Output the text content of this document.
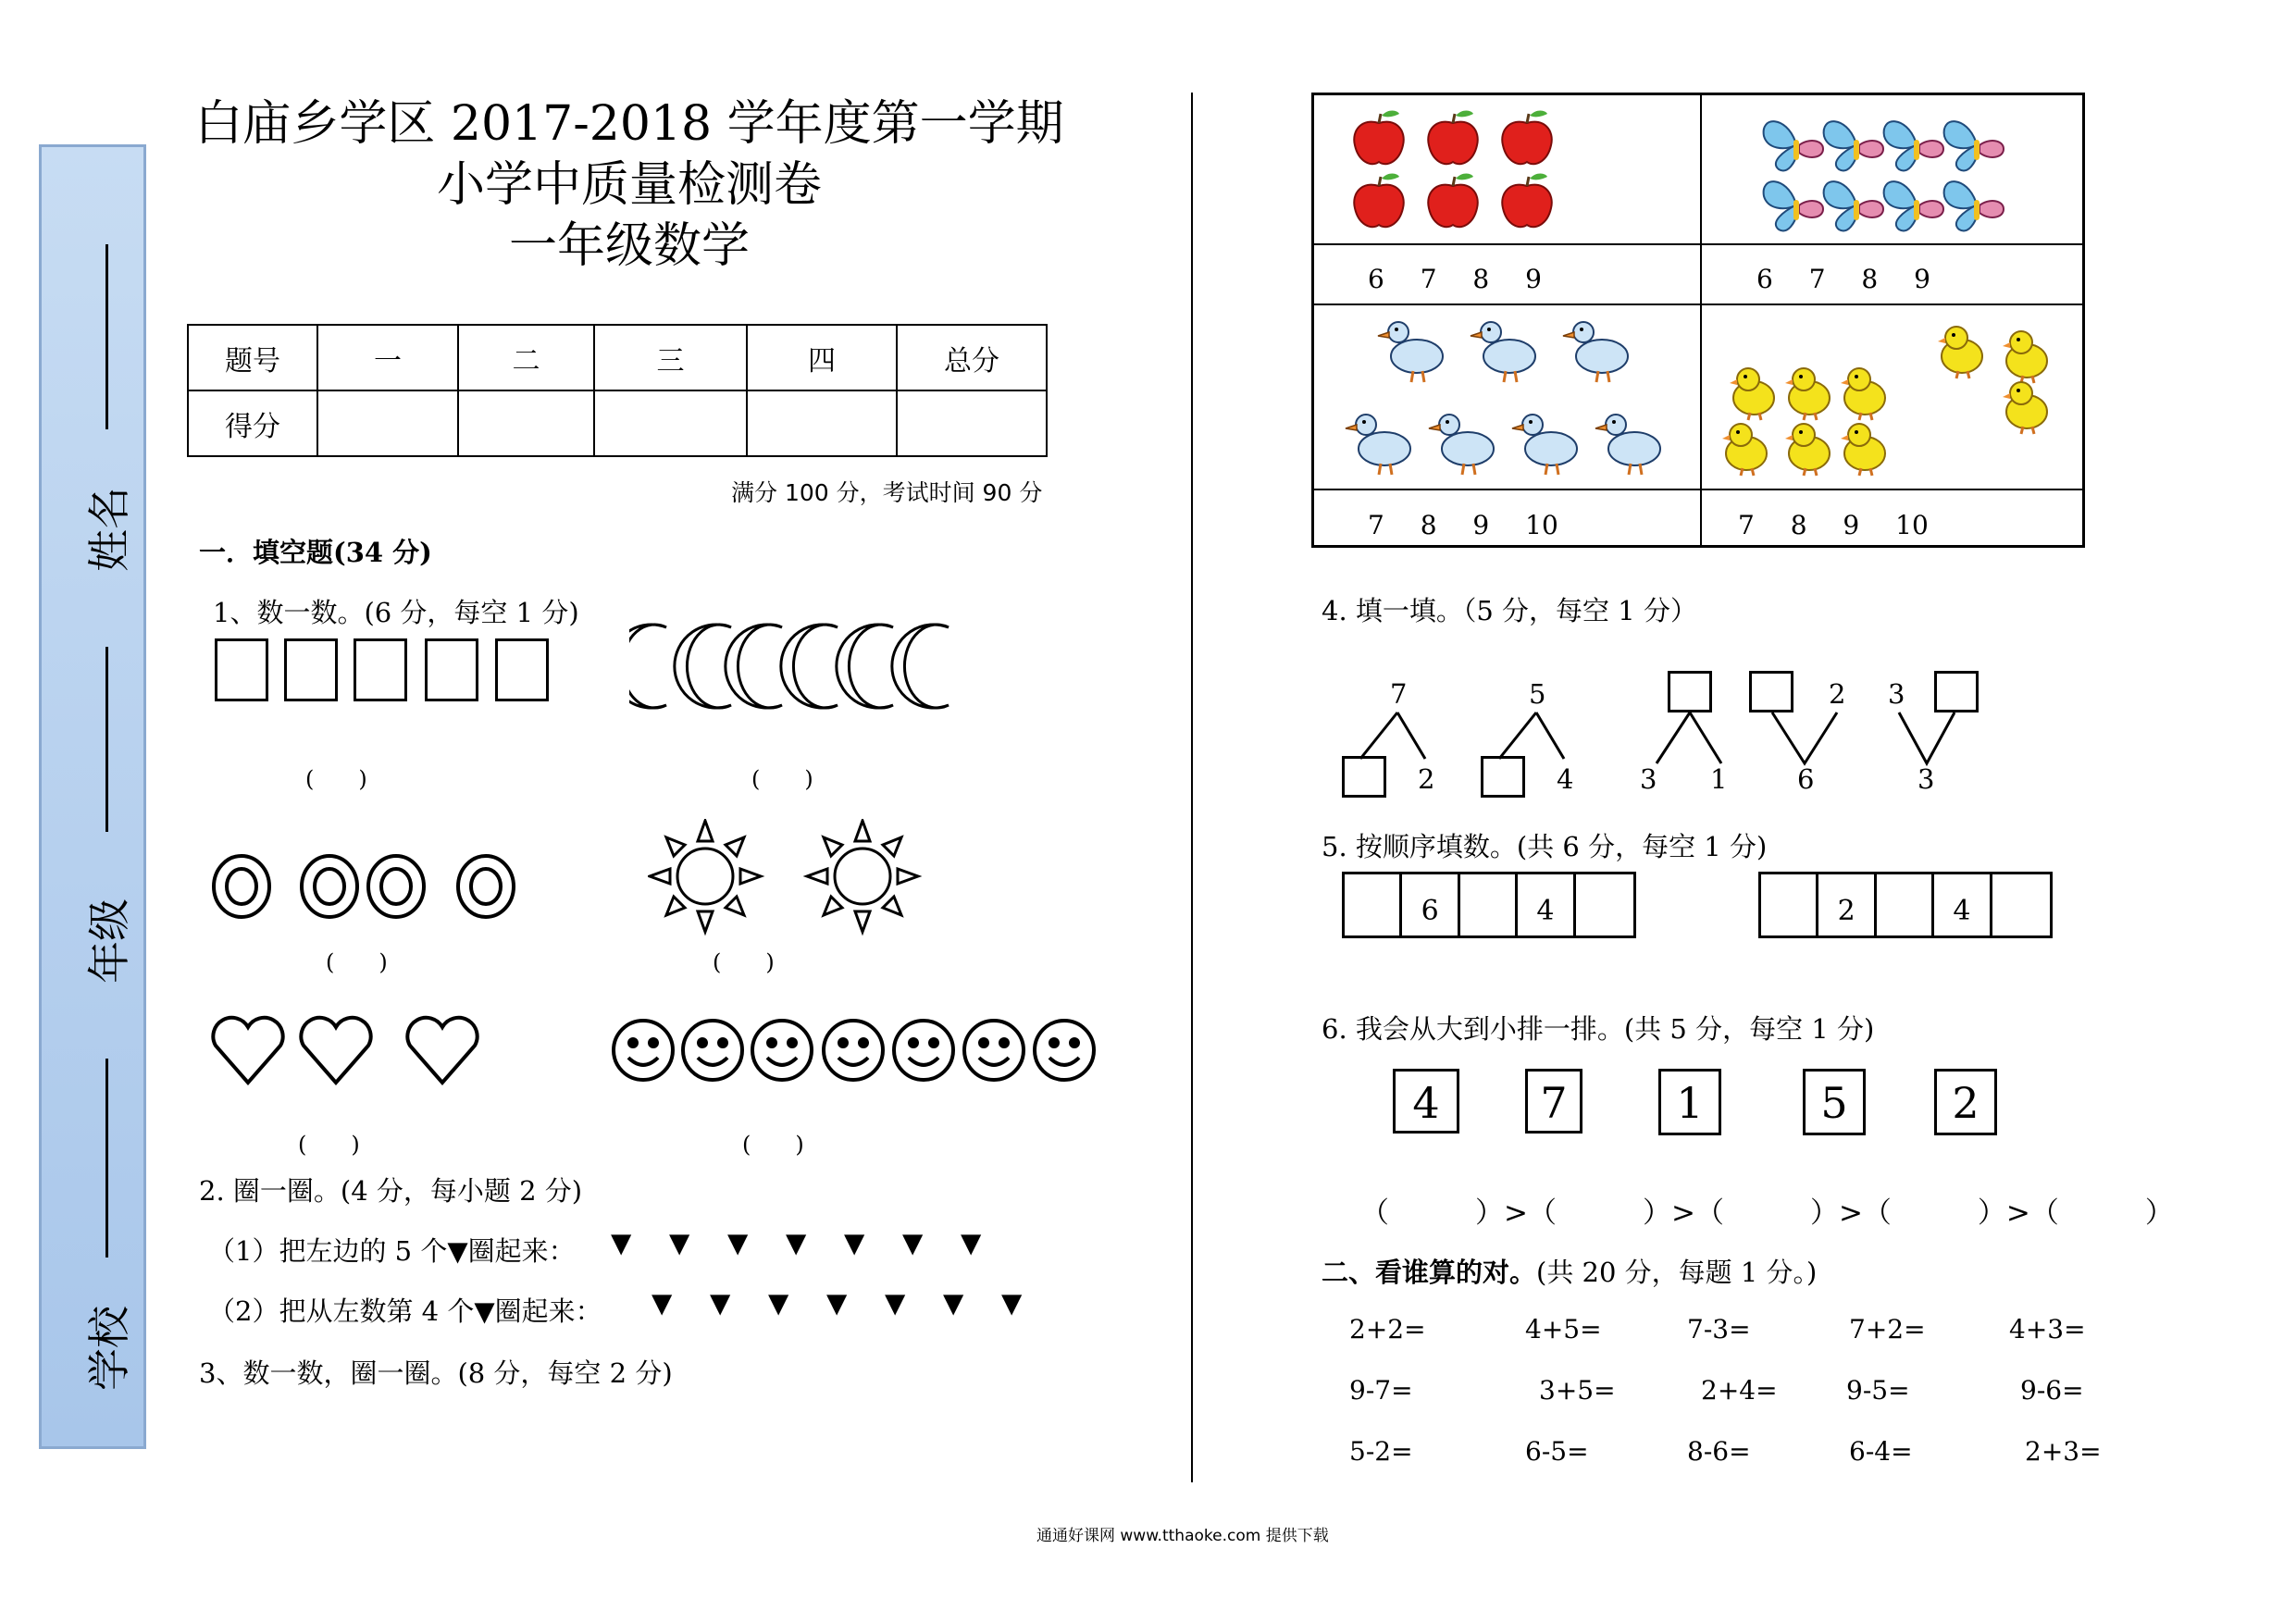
姓名
年级
学校
白庙乡学区 2017-2018 学年度第一学期
小学中质量检测卷
一年级数学
题号	一	二	三	四	总分
得分					
满分 100 分，考试时间 90 分
一．填空题(34 分)
1、数一数。(6 分，每空 1 分)
(　　)	(　　)
(　　)	(　　)
(　　)	(　　)
2. 圈一圈。(4 分，每小题 2 分)
（1）把左边的 5 个▼圈起来： ▼ ▼ ▼ ▼ ▼ ▼ ▼
（2）把从左数第 4 个▼圈起来： ▼ ▼ ▼ ▼ ▼ ▼ ▼
3、数一数，圈一圈。(8 分，每空 2 分)
6 7 8 9	6 7 8 9
7 8 9 10	7 8 9 10
4. 填一填。（5 分，每空 1 分）
7
2
5
4 3 1
2
6
3
3
5. 按顺序填数。(共 6 分，每空 1 分)
6	4	2	4
6. 我会从大到小排一排。(共 5 分，每空 1 分)
4	7	1	5	2
（　　　）>（　　　）>（　　　）>（　　　）>（　　　）
二、看谁算的对。(共 20 分，每题 1 分。)
2+2=	4+5=	7-3=	7+2=	4+3=
9-7=	3+5=	2+4=	9-5=	9-6=
5-2=	6-5=	8-6=	6-4=	2+3=
通通好课网 www.tthaoke.com 提供下载
